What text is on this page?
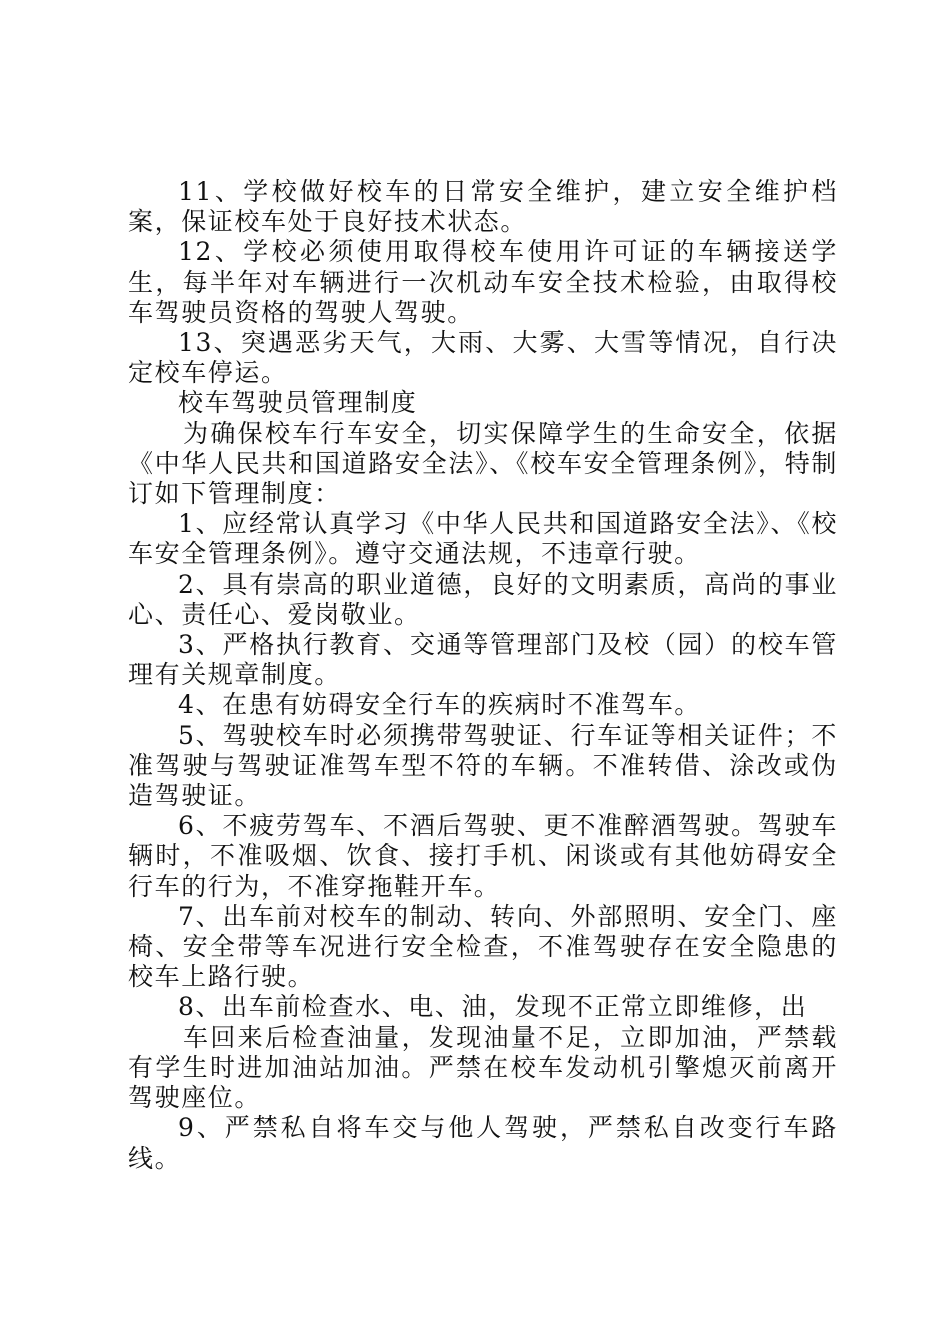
11、学校做好校车的日常安全维护，建立安全维护档案，保证校车处于良好技术状态。

12、学校必须使用取得校车使用许可证的车辆接送学生，每半年对车辆进行一次机动车安全技术检验，由取得校车驾驶员资格的驾驶人驾驶。

13、突遇恶劣天气，大雨、大雾、大雪等情况，自行决定校车停运。

校车驾驶员管理制度

为确保校车行车安全，切实保障学生的生命安全，依据《中华人民共和国道路安全法》、《校车安全管理条例》，特制订如下管理制度：

1、应经常认真学习《中华人民共和国道路安全法》、《校车安全管理条例》。遵守交通法规，不违章行驶。

2、具有崇高的职业道德，良好的文明素质，高尚的事业心、责任心、爱岗敬业。

3、严格执行教育、交通等管理部门及校（园）的校车管理有关规章制度。

4、在患有妨碍安全行车的疾病时不准驾车。

5、驾驶校车时必须携带驾驶证、行车证等相关证件；不准驾驶与驾驶证准驾车型不符的车辆。不准转借、涂改或伪造驾驶证。

6、不疲劳驾车、不酒后驾驶、更不准醉酒驾驶。驾驶车辆时，不准吸烟、饮食、接打手机、闲谈或有其他妨碍安全行车的行为，不准穿拖鞋开车。

7、出车前对校车的制动、转向、外部照明、安全门、座椅、安全带等车况进行安全检查，不准驾驶存在安全隐患的校车上路行驶。

8、出车前检查水、电、油，发现不正常立即维修，出

车回来后检查油量，发现油量不足，立即加油，严禁载有学生时进加油站加油。严禁在校车发动机引擎熄灭前离开驾驶座位。

9、严禁私自将车交与他人驾驶，严禁私自改变行车路线。
